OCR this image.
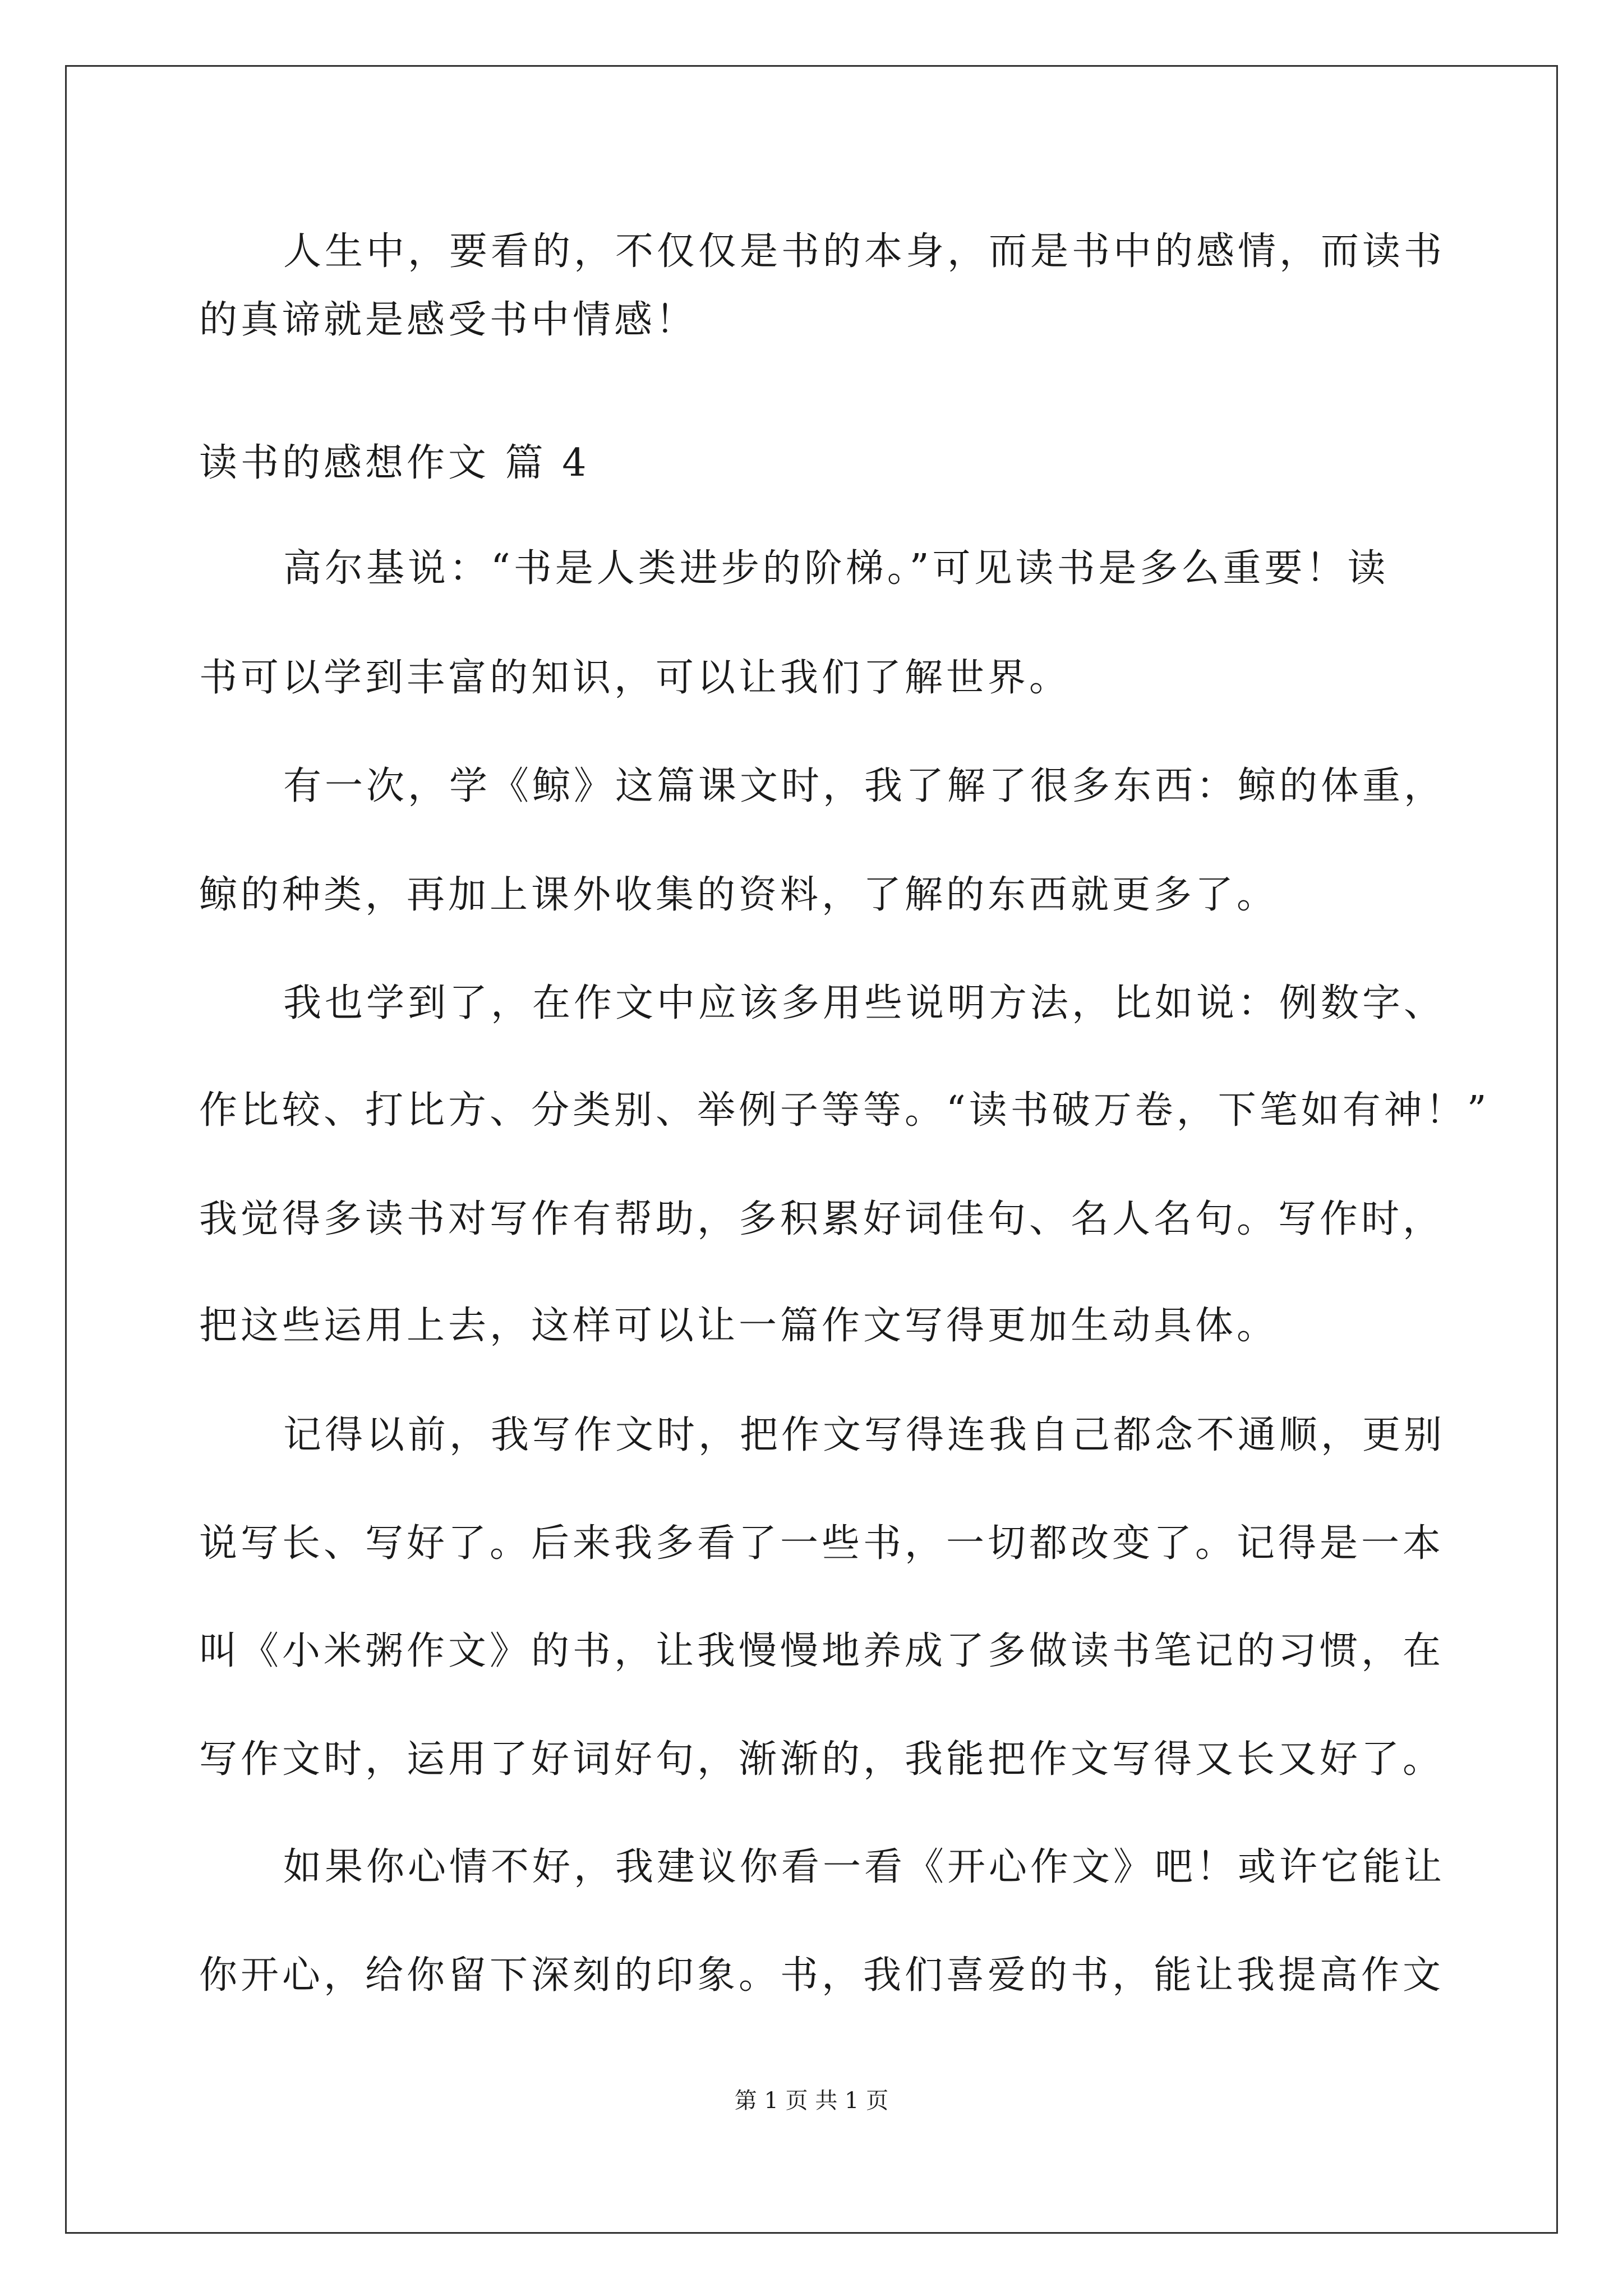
人生中，要看的，不仅仅是书的本身，而是书中的感情，而读书
的真谛就是感受书中情感！
读书的感想作文 篇 4
高尔基说：“书是人类进步的阶梯。”可见读书是多么重要！读
书可以学到丰富的知识，可以让我们了解世界。
有一次，学《鲸》这篇课文时，我了解了很多东西：鲸的体重，
鲸的种类，再加上课外收集的资料，了解的东西就更多了。
我也学到了，在作文中应该多用些说明方法，比如说：例数字、
作比较、打比方、分类别、举例子等等。“读书破万卷，下笔如有神！”
我觉得多读书对写作有帮助，多积累好词佳句、名人名句。写作时，
把这些运用上去，这样可以让一篇作文写得更加生动具体。
记得以前，我写作文时，把作文写得连我自己都念不通顺，更别
说写长、写好了。后来我多看了一些书，一切都改变了。记得是一本
叫《小米粥作文》的书，让我慢慢地养成了多做读书笔记的习惯，在
写作文时，运用了好词好句，渐渐的，我能把作文写得又长又好了。
如果你心情不好，我建议你看一看《开心作文》吧！或许它能让
你开心，给你留下深刻的印象。书，我们喜爱的书，能让我提高作文
第 1 页 共 1 页
